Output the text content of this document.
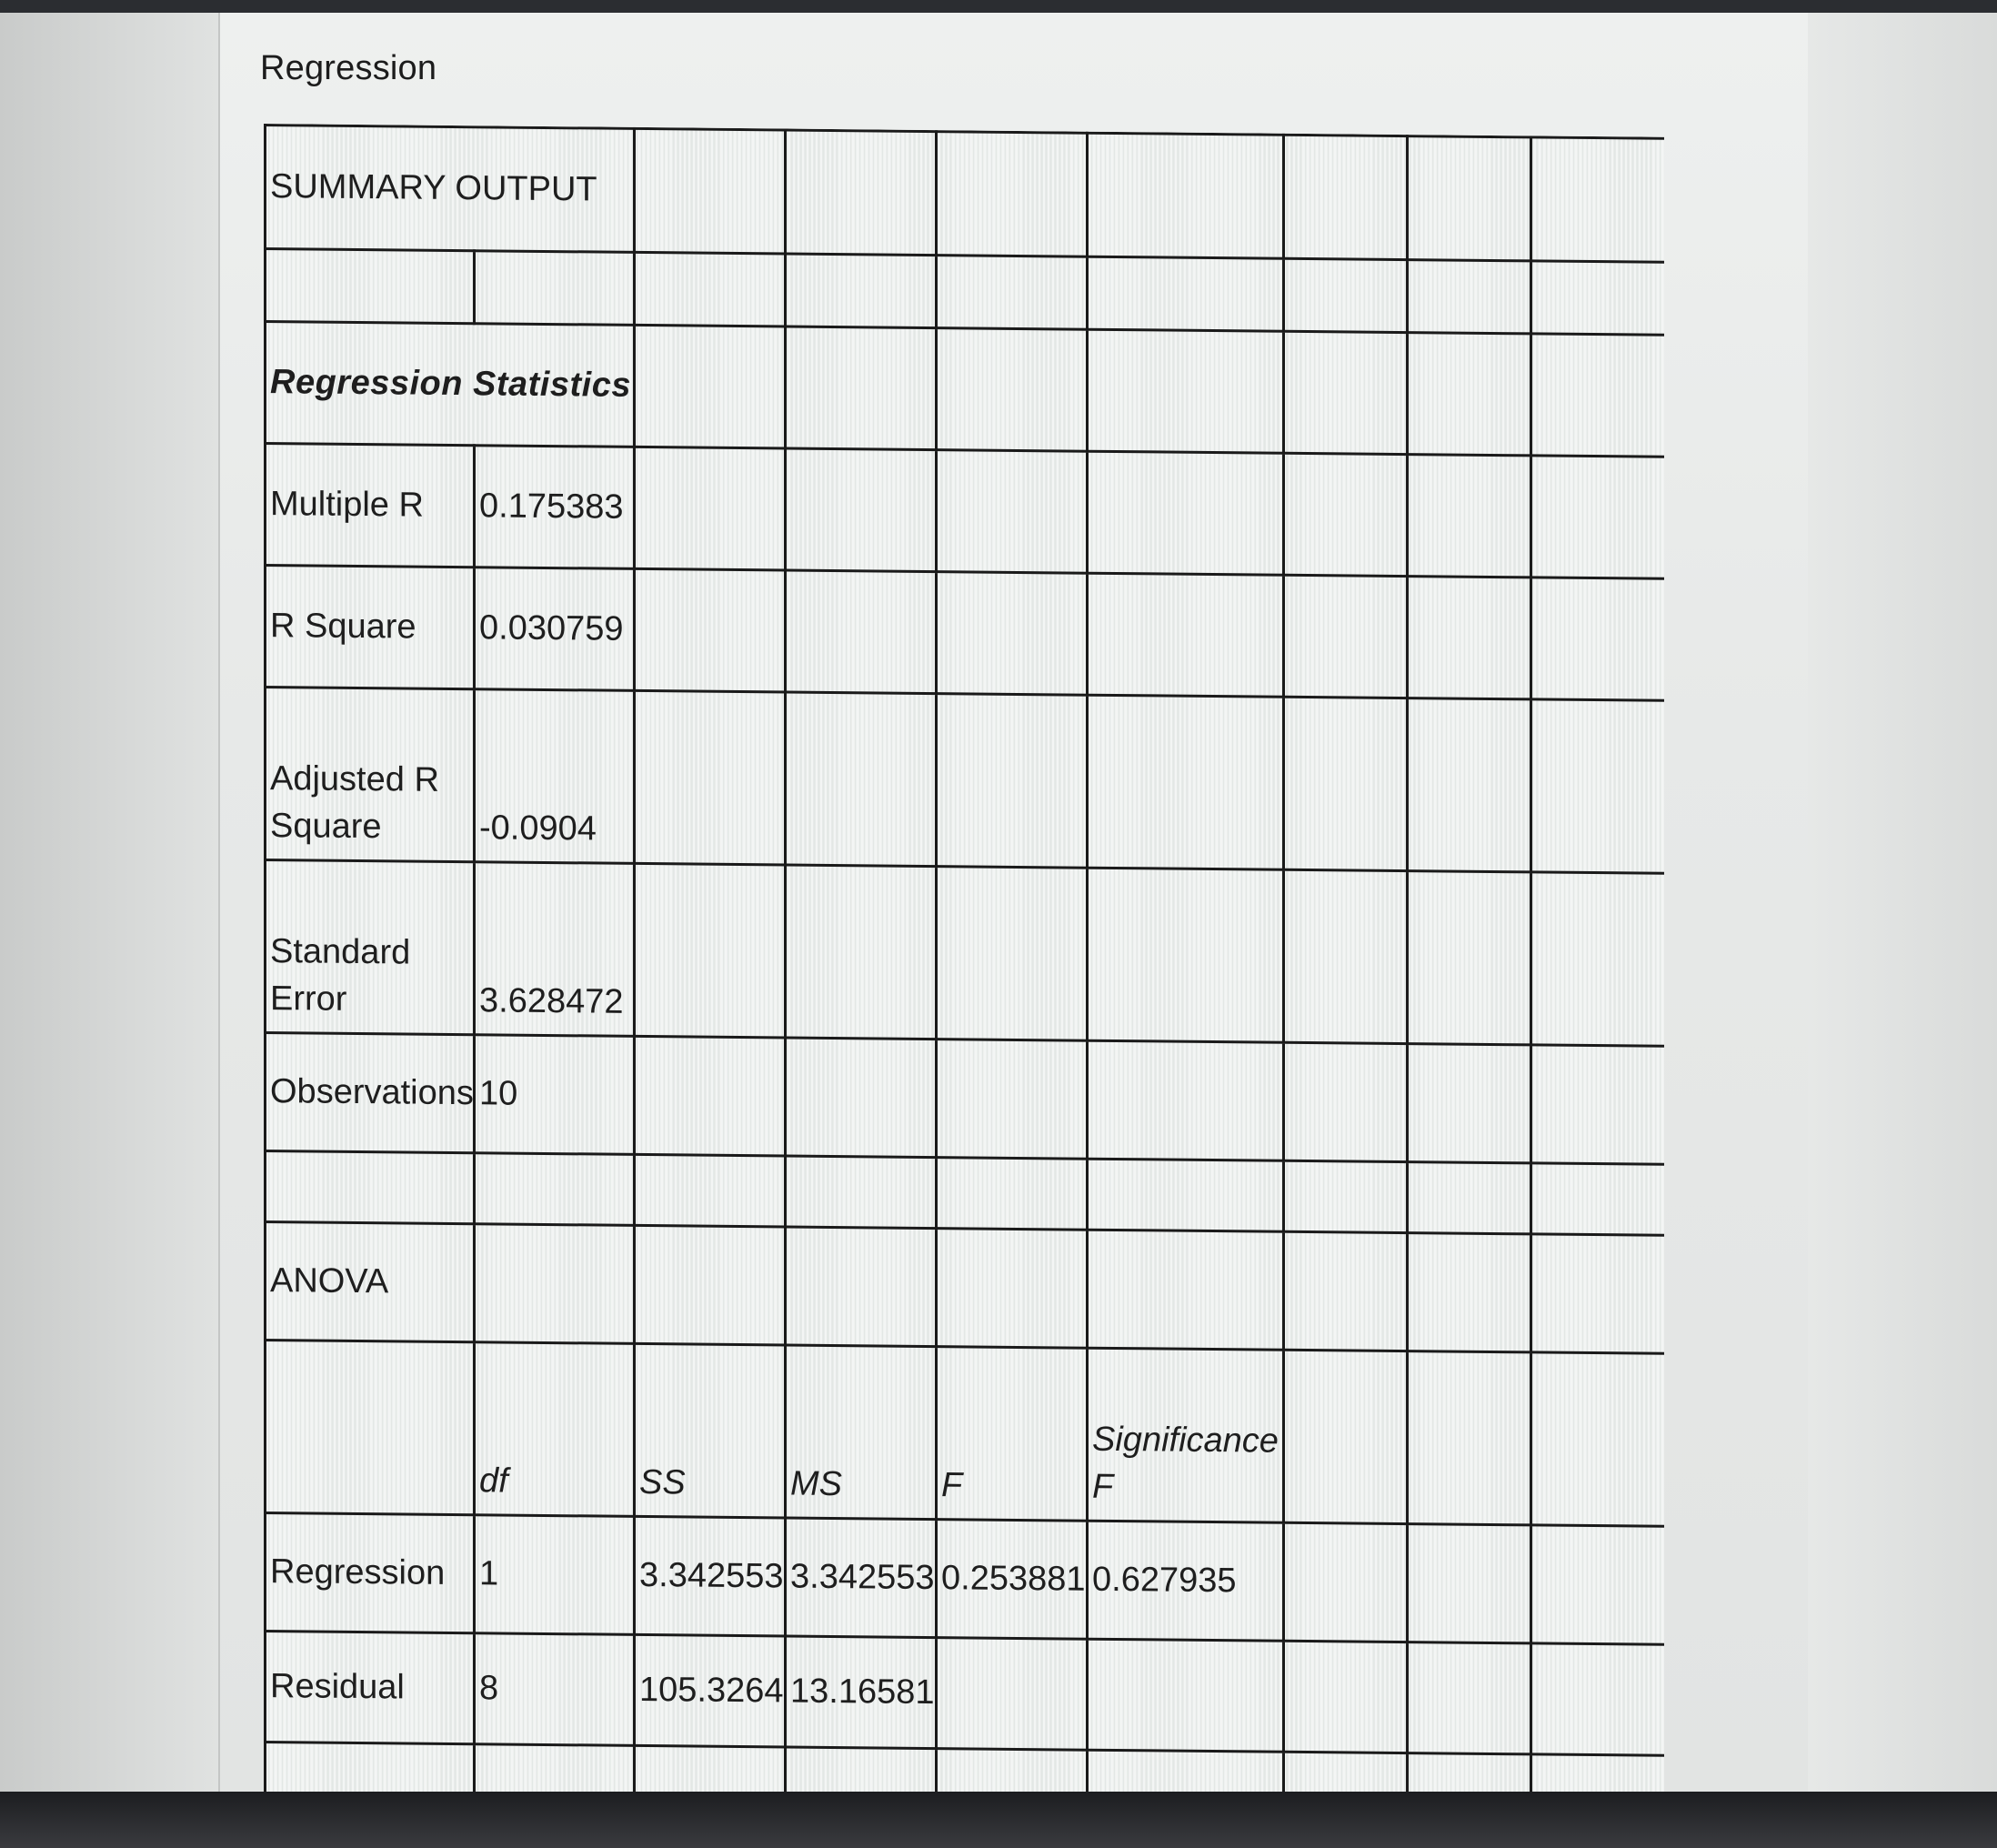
Regression
SUMMARY OUTPUT								

Regression Statistics								
Multiple R	0.175383							
R Square	0.030759							
Adjusted R Square	-0.0904							
Standard Error	3.628472							
Observations	10							

ANOVA								
	df	SS	MS	F	Significance F			
Regression	1	3.342553	3.342553	0.253881	0.627935			
Residual	8	105.3264	13.16581					
